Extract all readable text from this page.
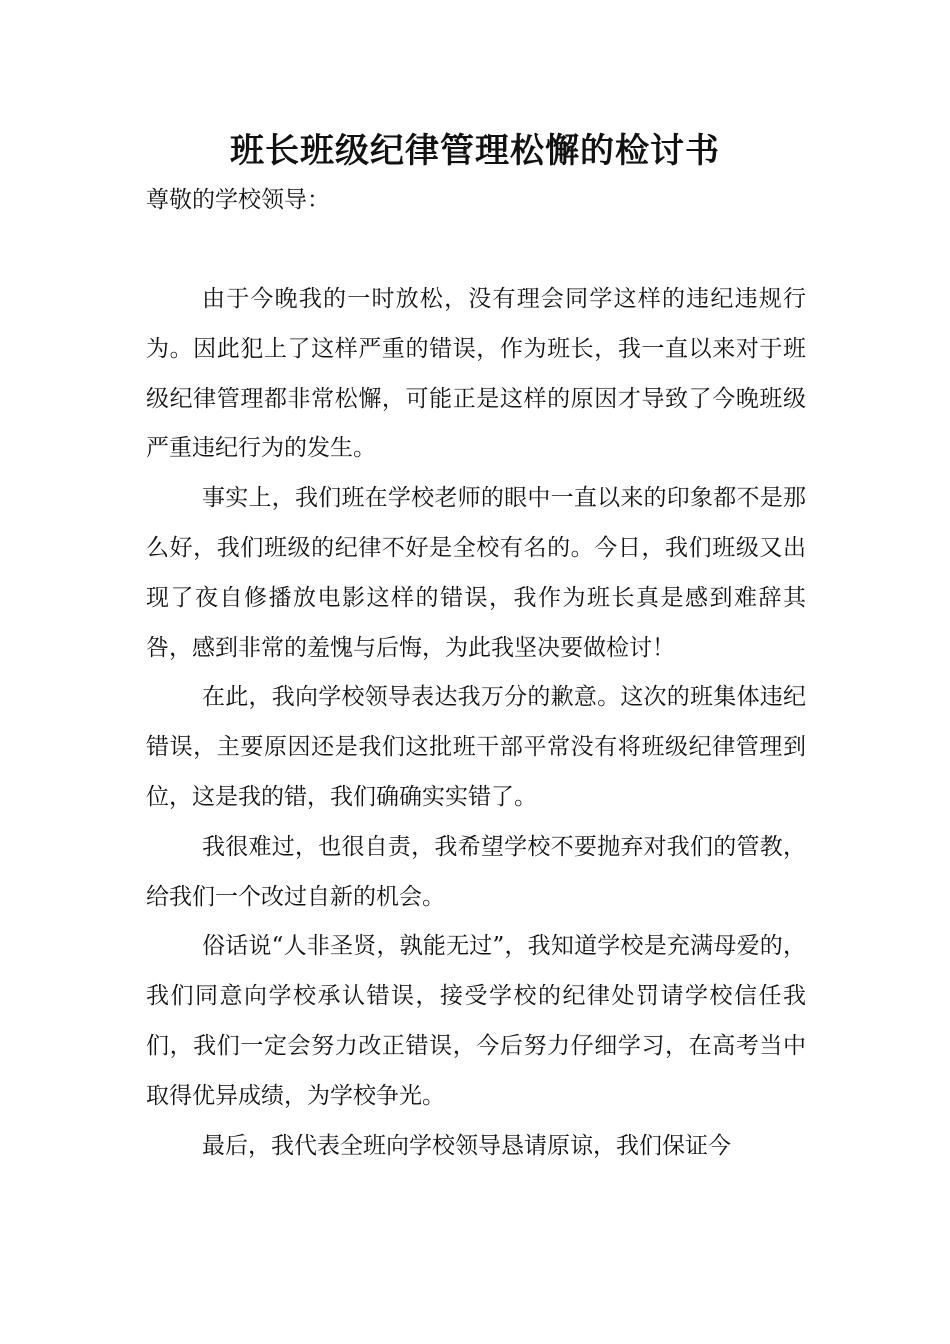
班长班级纪律管理松懈的检讨书

尊敬的学校领导：

由于今晚我的一时放松，没有理会同学这样的违纪违规行为。因此犯上了这样严重的错误，作为班长，我一直以来对于班级纪律管理都非常松懈，可能正是这样的原因才导致了今晚班级严重违纪行为的发生。

事实上，我们班在学校老师的眼中一直以来的印象都不是那么好，我们班级的纪律不好是全校有名的。今日，我们班级又出现了夜自修播放电影这样的错误，我作为班长真是感到难辞其咎，感到非常的羞愧与后悔，为此我坚决要做检讨！

在此，我向学校领导表达我万分的歉意。这次的班集体违纪错误，主要原因还是我们这批班干部平常没有将班级纪律管理到位，这是我的错，我们确确实实错了。

我很难过，也很自责，我希望学校不要抛弃对我们的管教，给我们一个改过自新的机会。

俗话说“人非圣贤，孰能无过”，我知道学校是充满母爱的，我们同意向学校承认错误，接受学校的纪律处罚请学校信任我们，我们一定会努力改正错误，今后努力仔细学习，在高考当中取得优异成绩，为学校争光。

最后，我代表全班向学校领导恳请原谅，我们保证今
